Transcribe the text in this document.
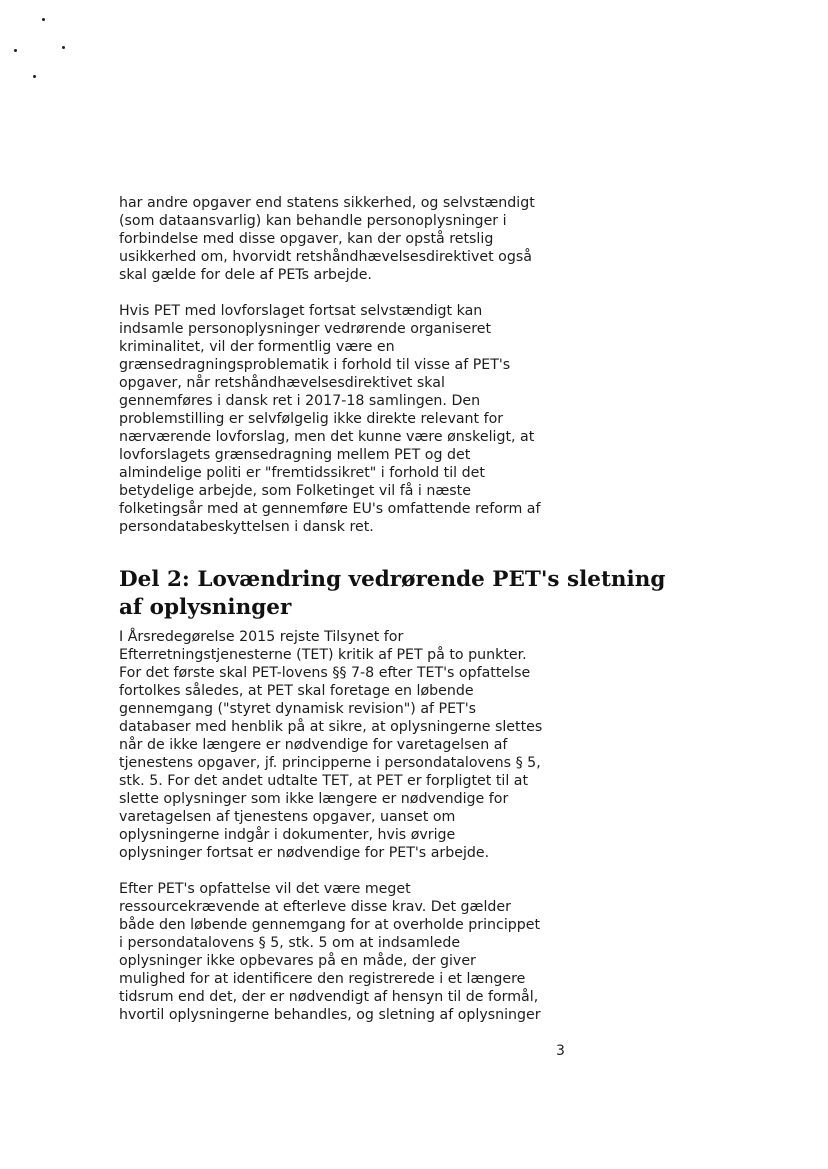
har andre opgaver end statens sikkerhed, og selvstændigt
(som dataansvarlig) kan behandle personoplysninger i
forbindelse med disse opgaver, kan der opstå retslig
usikkerhed om, hvorvidt retshåndhævelsesdirektivet også
skal gælde for dele af PETs arbejde.

Hvis PET med lovforslaget fortsat selvstændigt kan
indsamle personoplysninger vedrørende organiseret
kriminalitet, vil der formentlig være en
grænsedragningsproblematik i forhold til visse af PET's
opgaver, når retshåndhævelsesdirektivet skal
gennemføres i dansk ret i 2017-18 samlingen. Den
problemstilling er selvfølgelig ikke direkte relevant for
nærværende lovforslag, men det kunne være ønskeligt, at
lovforslagets grænsedragning mellem PET og det
almindelige politi er "fremtidssikret" i forhold til det
betydelige arbejde, som Folketinget vil få i næste
folketingsår med at gennemføre EU's omfattende reform af
persondatabeskyttelsen i dansk ret.

Del 2: Lovændring vedrørende PET's sletning
af oplysninger

I Årsredegørelse 2015 rejste Tilsynet for
Efterretningstjenesterne (TET) kritik af PET på to punkter.
For det første skal PET-lovens §§ 7-8 efter TET's opfattelse
fortolkes således, at PET skal foretage en løbende
gennemgang ("styret dynamisk revision") af PET's
databaser med henblik på at sikre, at oplysningerne slettes
når de ikke længere er nødvendige for varetagelsen af
tjenestens opgaver, jf. principperne i persondatalovens § 5,
stk. 5. For det andet udtalte TET, at PET er forpligtet til at
slette oplysninger som ikke længere er nødvendige for
varetagelsen af tjenestens opgaver, uanset om
oplysningerne indgår i dokumenter, hvis øvrige
oplysninger fortsat er nødvendige for PET's arbejde.

Efter PET's opfattelse vil det være meget
ressourcekrævende at efterleve disse krav. Det gælder
både den løbende gennemgang for at overholde princippet
i persondatalovens § 5, stk. 5 om at indsamlede
oplysninger ikke opbevares på en måde, der giver
mulighed for at identificere den registrerede i et længere
tidsrum end det, der er nødvendigt af hensyn til de formål,
hvortil oplysningerne behandles, og sletning af oplysninger

3
